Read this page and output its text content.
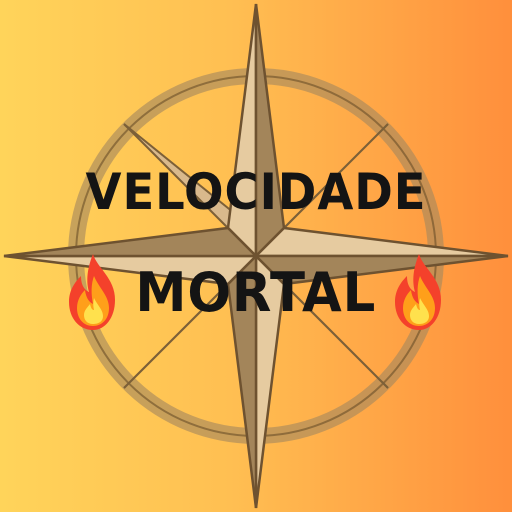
VELOCIDADE
MORTAL
